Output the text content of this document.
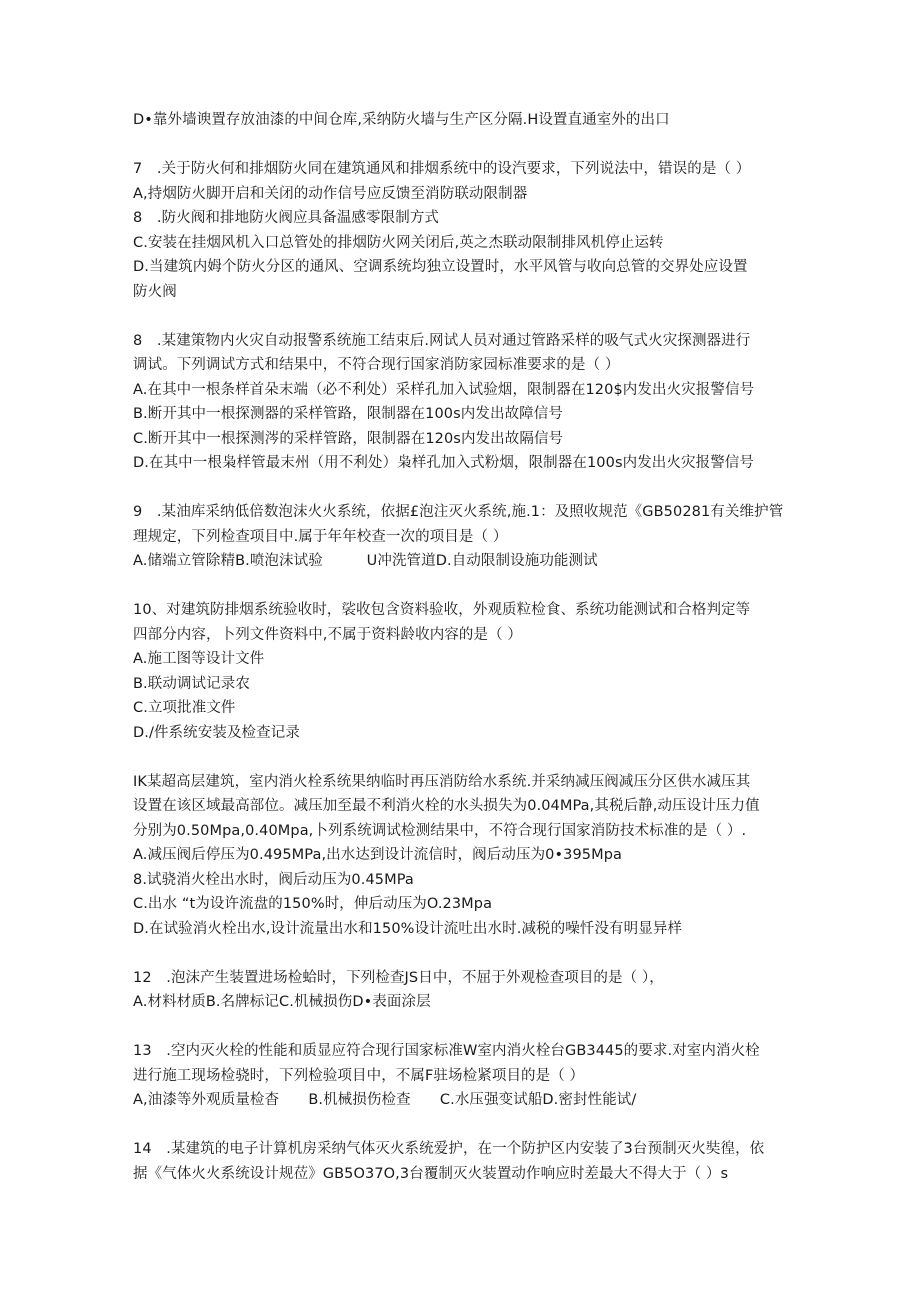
D•靠外墙谀置存放油漆的中间仓库,采纳防火墙与生产区分隔.H设置直通室外的出口
7　.关于防火何和排烟防火同在建筑通风和排烟系统中的设汽要求，下列说法中，错误的是（ ）
A,持烟防火脚开启和关闭的动作信号应反馈至消防联动限制器
8　.防火阀和排地防火阀应具备温感零限制方式
C.安装在挂烟风机入口总管处的排烟防火网关闭后,英之杰联动限制排风机停止运转
D.当建筑内姆个防火分区的通风、空调系统均独立设置时，水平风管与收向总管的交界处应设置
防火阀
8　.某建策物内火灾自动报警系统施工结束后.网试人员对通过管路采样的吸气式火灾探测器进行
调试。下列调试方式和结果中，不符合现行国家消防家园标准要求的是（ ）
A.在其中一根条样首朵末端（必不利处）采样孔加入试验烟，限制器在120$内发出火灾报警信号
B.断开其中一根探测器的采样管路，限制器在100s内发出故障信号
C.断开其中一根探测涔的采样管路，限制器在120s内发出故隔信号
D.在其中一根枭样管最末州（用不利处）枭样孔加入式粉烟，限制器在100s内发出火灾报警信号
9　.某油库采纳低倍数泡沫火火系统，依据£泡注灭火系统,施.1：及照收规范《GB50281有关维护管
理规定，下列检查项目中.属于年年校查一次的项目是（ ）
A.储端立管除精B.喷泡沫试验　　　U冲洗管道D.自动限制设施功能测试
10、对建筑防排烟系统验收时，裟收包含资料验收，外观质粒检食、系统功能测试和合格判定等
四部分内容，卜列文件资料中,不属于资料龄收内容的是（ ）
A.施工图等设计文件
B.联动调试记录农
C.立项批准文件
D./件系统安装及检查记录
IK某超高层建筑，室内消火栓系统果纳临时再压消防给水系统.并采纳减压阀减压分区供水减压其
设置在该区域最高部位。减压加至最不利消火栓的水头损失为0.04MPa,其税后静,动压设计压力值
分别为0.50Mpa,0.40Mpa,卜列系统调试检测结果中，不符合现行国家消防技术标准的是（ ）.
A.减压阀后停压为0.495MPa,出水达到设计流信时，阀后动压为0•395Mpa
8.试骁消火栓出水时，阀后动压为0.45MPa
C.出水 “t为设许流盘的150%时，伸后动压为O.23Mpa
D.在试验消火栓出水,设计流量出水和150%设计流吐出水时.减税的噪忏没有明显异样
12　.泡沫产生装置进场检蛤时，下列检查JS日中，不屈于外观检查项目的是（ ），
A.材料材质B.名牌标记C.机械损伤D•表面涂层
13　.空内灭火栓的性能和质显应符合现行国家标准W室内消火栓台GB3445的要求.对室内消火栓
进行施工现场检骁时，下列检验项目中，不属F驻场检紧项目的是（ ）
A,油漆等外观质量检杳　　B.机械损伤检查　　C.水压强变试船D.密封性能试/
14　.某建筑的电子计算机房采纳气体灭火系统爱护，在一个防护区内安装了3台预制灭火奘徨，依
据《气体火火系统设计规莅》GB5O37O,3台覆制灭火装置动作响应时差最大不得大于（ ）s
